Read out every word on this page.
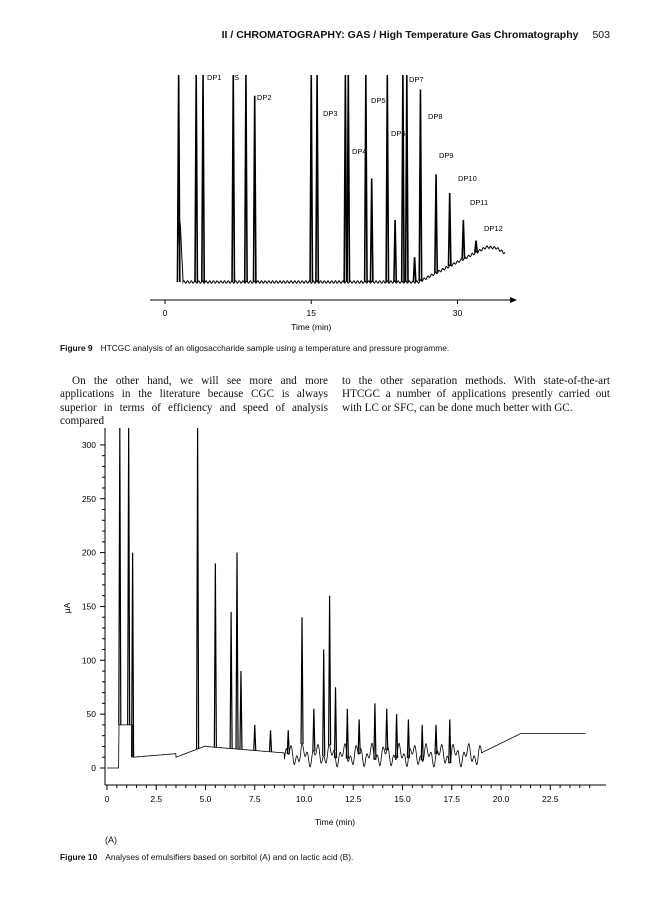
II / CHROMATOGRAPHY: GAS / High Temperature Gas Chromatography 503
0	15	30
Time (min)
DP1 IS
DP2
DP3
DP4
DP5
DP6
DP7
DP8
DP9
DP10
DP11
DP12
Figure 9 HTCGC analysis of an oligosaccharide sample using a temperature and pressure programme.
On the other hand, we will see more and more applications in the literature because CGC is always superior in terms of efficiency and speed of analysis compared
to the other separation methods. With state-of-the-art HTCGC a number of applications presently carried out with LC or SFC, can be done much better with GC.
0
50
100
150
200
250
300
0	2.5	5.0	7.5	10.0	12.5	15.0	17.5	20.0	22.5
Time (min)
μA
(A)
Figure 10 Analyses of emulsifiers based on sorbitol (A) and on lactic acid (B).
